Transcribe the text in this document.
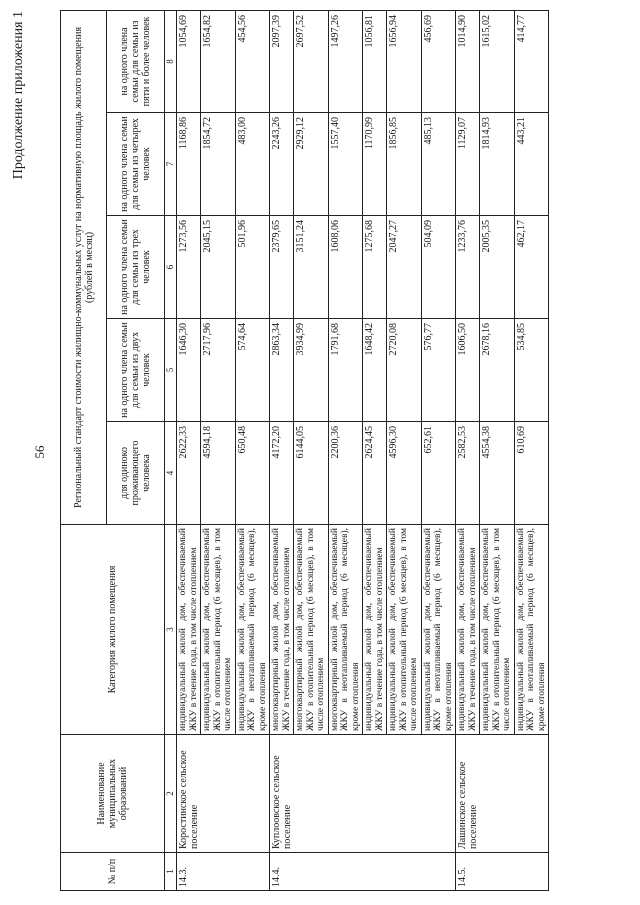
56
Продолжение приложения 1
№ п/п	Наименование муниципальных образований	Категория жилого помещения	Региональный стандарт стоимости жилищно-коммунальных услуг на нормативную площадь жилого помещения (рублей в месяц)				
			для одиноко проживающего человека	на одного члена семьи для семьи из двух человек	на одного члена семьи для семьи из трех человек	на одного члена семьи для семьи из четырех человек	на одного члена семьи для семьи из пяти и более человек
1	2	3	4	5	6	7	8
14.3.	Коростинское сельское поселение	индивидуальный жилой дом, обеспечиваемый ЖКУ в течение года, в том числе отоплением	2622,33	1646,30	1273,56	1168,86	1054,69
		индивидуальный жилой дом, обеспечиваемый ЖКУ в отопительный период (6 месяцев), в том числе отоплением	4594,18	2717,96	2045,15	1854,72	1654,82
		индивидуальный жилой дом, обеспечиваемый ЖКУ в неотапливаемый период (6 месяцев), кроме отопления	650,48	574,64	501,96	483,00	454,56
14.4.	Куплоовское сельское поселение	многоквартирный жилой дом, обеспечиваемый ЖКУ в течение года, в том числе отоплением	4172,20	2863,34	2379,65	2243,26	2097,39
		многоквартирный жилой дом, обеспечиваемый ЖКУ в отопительный период (6 месяцев), в том числе отоплением	6144,05	3934,99	3151,24	2929,12	2697,52
		многоквартирный жилой дом, обеспечиваемый ЖКУ в неотапливаемый период (6 месяцев), кроме отопления	2200,36	1791,68	1608,06	1557,40	1497,26
		индивидуальный жилой дом, обеспечиваемый ЖКУ в течение года, в том числе отоплением	2624,45	1648,42	1275,68	1170,99	1056,81
		индивидуальный жилой дом, обеспечиваемый ЖКУ в отопительный период (6 месяцев), в том числе отоплением	4596,30	2720,08	2047,27	1856,85	1656,94
		индивидуальный жилой дом, обеспечиваемый ЖКУ в неотапливаемый период (6 месяцев), кроме отопления	652,61	576,77	504,09	485,13	456,69
14.5.	Лашинское сельское поселение	индивидуальный жилой дом, обеспечиваемый ЖКУ в течение года, в том числе отоплением	2582,53	1606,50	1233,76	1129,07	1014,90
		индивидуальный жилой дом, обеспечиваемый ЖКУ в отопительный период (6 месяцев), в том числе отоплением	4554,38	2678,16	2005,35	1814,93	1615,02
		индивидуальный жилой дом, обеспечиваемый ЖКУ в неотапливаемый период (6 месяцев), кроме отопления	610,69	534,85	462,17	443,21	414,77
